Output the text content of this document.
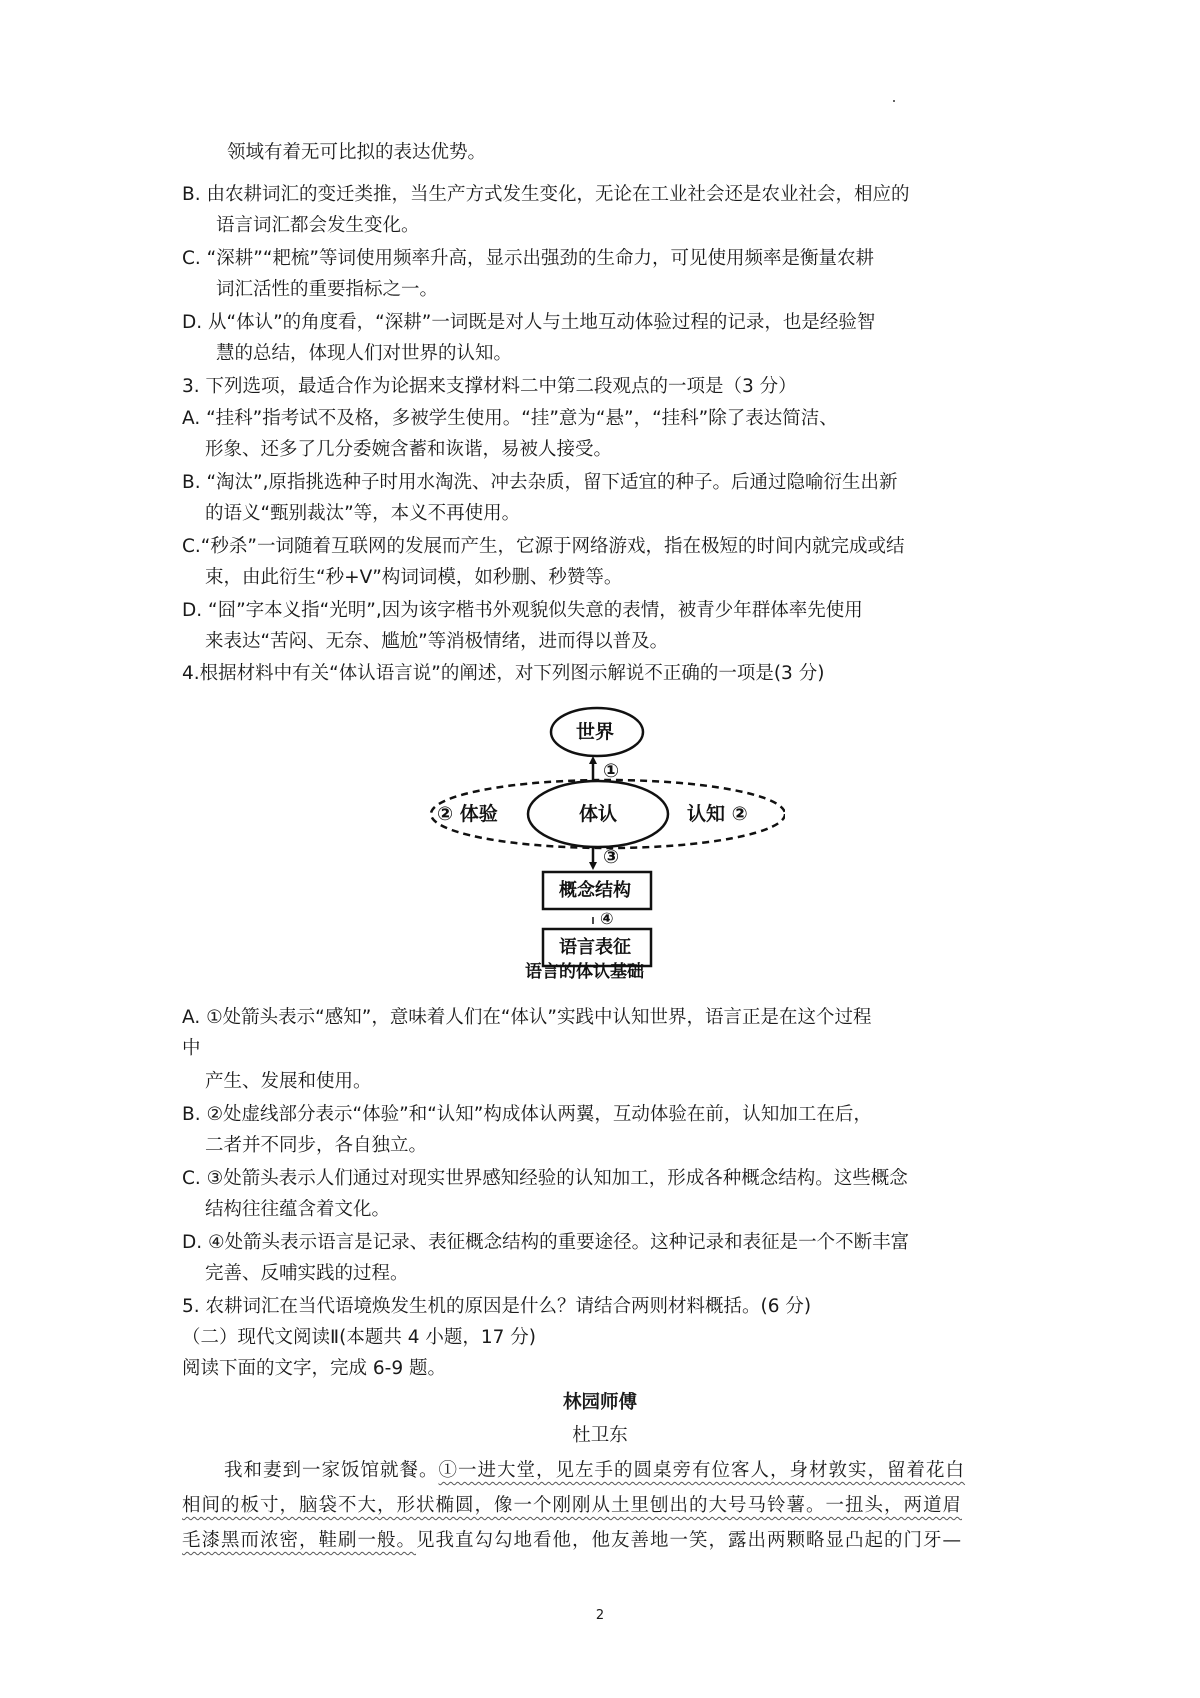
领域有着无可比拟的表达优势。
B. 由农耕词汇的变迁类推，当生产方式发生变化，无论在工业社会还是农业社会，相应的
语言词汇都会发生变化。
C. “深耕”“耙梳”等词使用频率升高，显示出强劲的生命力，可见使用频率是衡量农耕
词汇活性的重要指标之一。
D. 从“体认”的角度看，“深耕”一词既是对人与土地互动体验过程的记录，也是经验智
慧的总结，体现人们对世界的认知。
3. 下列选项，最适合作为论据来支撑材料二中第二段观点的一项是（3 分）
A. “挂科”指考试不及格，多被学生使用。“挂”意为“悬”，“挂科”除了表达简洁、
形象、还多了几分委婉含蓄和诙谐，易被人接受。
B. “淘汰”,原指挑选种子时用水淘洗、冲去杂质，留下适宜的种子。后通过隐喻衍生出新
的语义“甄别裁汰”等，本义不再使用。
C.“秒杀”一词随着互联网的发展而产生，它源于网络游戏，指在极短的时间内就完成或结
束，由此衍生“秒+V”构词词模，如秒删、秒赞等。
D. “囧”字本义指“光明”,因为该字楷书外观貌似失意的表情，被青少年群体率先使用
来表达“苦闷、无奈、尴尬”等消极情绪，进而得以普及。
4.根据材料中有关“体认语言说”的阐述，对下列图示解说不正确的一项是(3 分)
世界
①
② 体验	体认	认知 ②
③
概念结构
④
语言表征
语言的体认基础
A. ①处箭头表示“感知”，意味着人们在“体认”实践中认知世界，语言正是在这个过程
中
产生、发展和使用。
B. ②处虚线部分表示“体验”和“认知”构成体认两翼，互动体验在前，认知加工在后，
二者并不同步，各自独立。
C. ③处箭头表示人们通过对现实世界感知经验的认知加工，形成各种概念结构。这些概念
结构往往蕴含着文化。
D. ④处箭头表示语言是记录、表征概念结构的重要途径。这种记录和表征是一个不断丰富
完善、反哺实践的过程。
5. 农耕词汇在当代语境焕发生机的原因是什么？请结合两则材料概括。(6 分)
（二）现代文阅读Ⅱ(本题共 4 小题，17 分)
阅读下面的文字，完成 6-9 题。
林园师傅
杜卫东
我和妻到一家饭馆就餐。①一进大堂，见左手的圆桌旁有位客人，身材敦实，留着花白
相间的板寸，脑袋不大，形状椭圆，像一个刚刚从土里刨出的大号马铃薯。一扭头，两道眉
毛漆黑而浓密，鞋刷一般。见我直勾勾地看他，他友善地一笑，露出两颗略显凸起的门牙—
2
